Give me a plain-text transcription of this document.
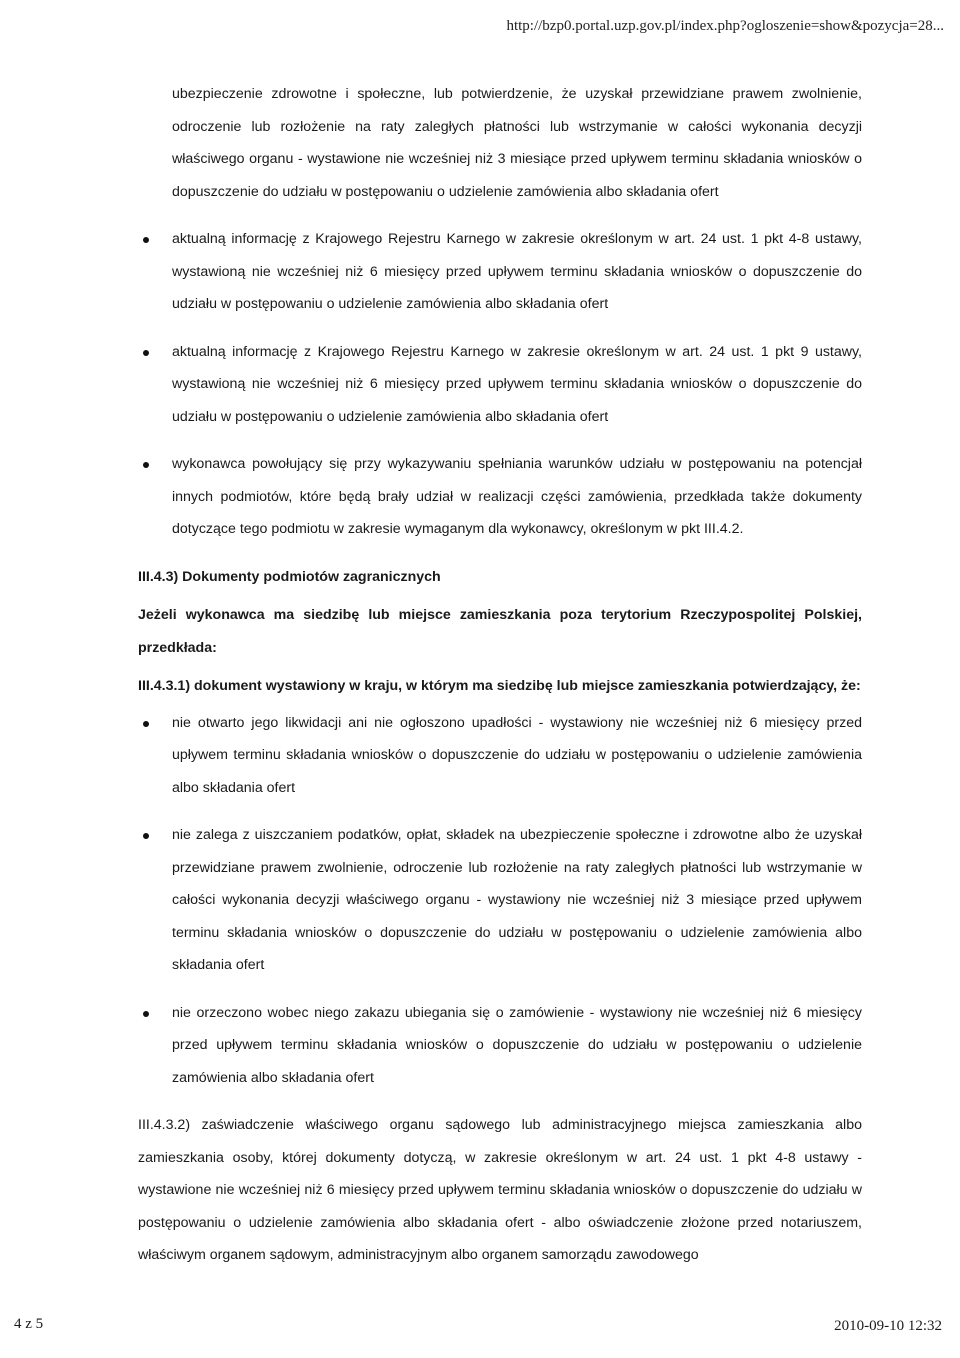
http://bzp0.portal.uzp.gov.pl/index.php?ogloszenie=show&pozycja=28...

ubezpieczenie zdrowotne i społeczne, lub potwierdzenie, że uzyskał przewidziane prawem zwolnienie, odroczenie lub rozłożenie na raty zaległych płatności lub wstrzymanie w całości wykonania decyzji właściwego organu - wystawione nie wcześniej niż 3 miesiące przed upływem terminu składania wniosków o dopuszczenie do udziału w postępowaniu o udzielenie zamówienia albo składania ofert

aktualną informację z Krajowego Rejestru Karnego w zakresie określonym w art. 24 ust. 1 pkt 4-8 ustawy, wystawioną nie wcześniej niż 6 miesięcy przed upływem terminu składania wniosków o dopuszczenie do udziału w postępowaniu o udzielenie zamówienia albo składania ofert
aktualną informację z Krajowego Rejestru Karnego w zakresie określonym w art. 24 ust. 1 pkt 9 ustawy, wystawioną nie wcześniej niż 6 miesięcy przed upływem terminu składania wniosków o dopuszczenie do udziału w postępowaniu o udzielenie zamówienia albo składania ofert
wykonawca powołujący się przy wykazywaniu spełniania warunków udziału w postępowaniu na potencjał innych podmiotów, które będą brały udział w realizacji części zamówienia, przedkłada także dokumenty dotyczące tego podmiotu w zakresie wymaganym dla wykonawcy, określonym w pkt III.4.2.

III.4.3) Dokumenty podmiotów zagranicznych

Jeżeli wykonawca ma siedzibę lub miejsce zamieszkania poza terytorium Rzeczypospolitej Polskiej, przedkłada:

III.4.3.1) dokument wystawiony w kraju, w którym ma siedzibę lub miejsce zamieszkania potwierdzający, że:

nie otwarto jego likwidacji ani nie ogłoszono upadłości - wystawiony nie wcześniej niż 6 miesięcy przed upływem terminu składania wniosków o dopuszczenie do udziału w postępowaniu o udzielenie zamówienia albo składania ofert
nie zalega z uiszczaniem podatków, opłat, składek na ubezpieczenie społeczne i zdrowotne albo że uzyskał przewidziane prawem zwolnienie, odroczenie lub rozłożenie na raty zaległych płatności lub wstrzymanie w całości wykonania decyzji właściwego organu - wystawiony nie wcześniej niż 3 miesiące przed upływem terminu składania wniosków o dopuszczenie do udziału w postępowaniu o udzielenie zamówienia albo składania ofert
nie orzeczono wobec niego zakazu ubiegania się o zamówienie - wystawiony nie wcześniej niż 6 miesięcy przed upływem terminu składania wniosków o dopuszczenie do udziału w postępowaniu o udzielenie zamówienia albo składania ofert

III.4.3.2) zaświadczenie właściwego organu sądowego lub administracyjnego miejsca zamieszkania albo zamieszkania osoby, której dokumenty dotyczą, w zakresie określonym w art. 24 ust. 1 pkt 4-8 ustawy - wystawione nie wcześniej niż 6 miesięcy przed upływem terminu składania wniosków o dopuszczenie do udziału w postępowaniu o udzielenie zamówienia albo składania ofert - albo oświadczenie złożone przed notariuszem, właściwym organem sądowym, administracyjnym albo organem samorządu zawodowego

4 z 5	2010-09-10 12:32
